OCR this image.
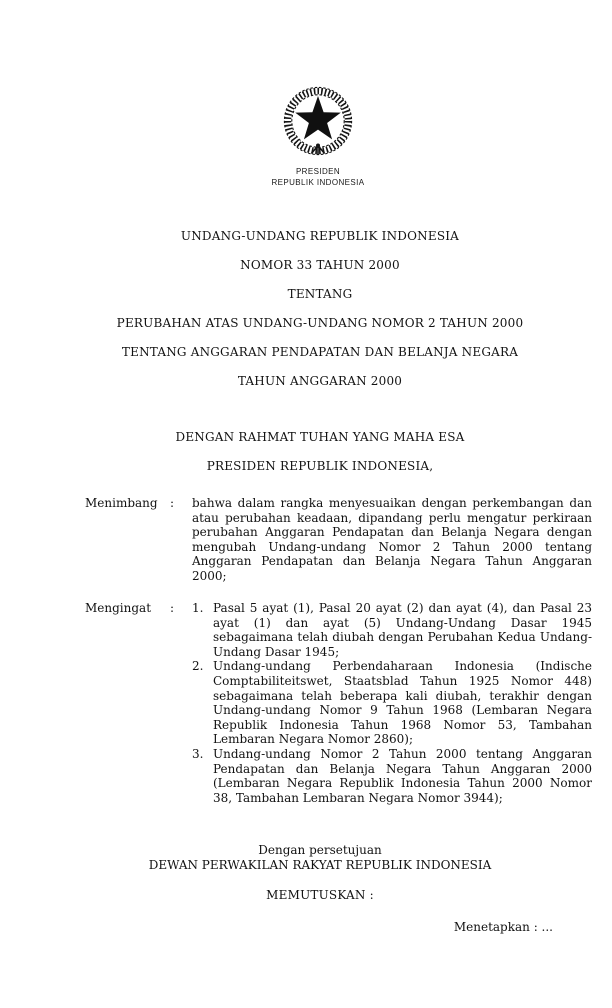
PRESIDEN
REPUBLIK INDONESIA
UNDANG-UNDANG REPUBLIK INDONESIA
NOMOR 33 TAHUN 2000
TENTANG
PERUBAHAN ATAS UNDANG-UNDANG NOMOR 2 TAHUN 2000
TENTANG ANGGARAN PENDAPATAN DAN BELANJA NEGARA
TAHUN ANGGARAN 2000
DENGAN RAHMAT TUHAN YANG MAHA ESA
PRESIDEN REPUBLIK INDONESIA,
Menimbang	:	bahwa dalam rangka menyesuaikan dengan perkembangan dan atau perubahan keadaan, dipandang perlu mengatur perkiraan perubahan Anggaran Pendapatan dan Belanja Negara dengan mengubah Undang-undang Nomor 2 Tahun 2000 tentang Anggaran Pendapatan dan Belanja Negara Tahun Anggaran 2000;
Mengingat	:	1. Pasal 5 ayat (1), Pasal 20 ayat (2) dan ayat (4), dan Pasal 23 ayat (1) dan ayat (5) Undang-Undang Dasar 1945 sebagaimana telah diubah dengan Perubahan Kedua Undang-Undang Dasar 1945;
2. Undang-undang Perbendaharaan Indonesia (Indische Comptabiliteitswet, Staatsblad Tahun 1925 Nomor 448) sebagaimana telah beberapa kali diubah, terakhir dengan Undang-undang Nomor 9 Tahun 1968 (Lembaran Negara Republik Indonesia Tahun 1968 Nomor 53, Tambahan Lembaran Negara Nomor 2860);
3. Undang-undang Nomor 2 Tahun 2000 tentang Anggaran Pendapatan dan Belanja Negara Tahun Anggaran 2000 (Lembaran Negara Republik Indonesia Tahun 2000 Nomor 38, Tambahan Lembaran Negara Nomor 3944);
Dengan persetujuan
DEWAN PERWAKILAN RAKYAT REPUBLIK INDONESIA
MEMUTUSKAN :
Menetapkan : ...
